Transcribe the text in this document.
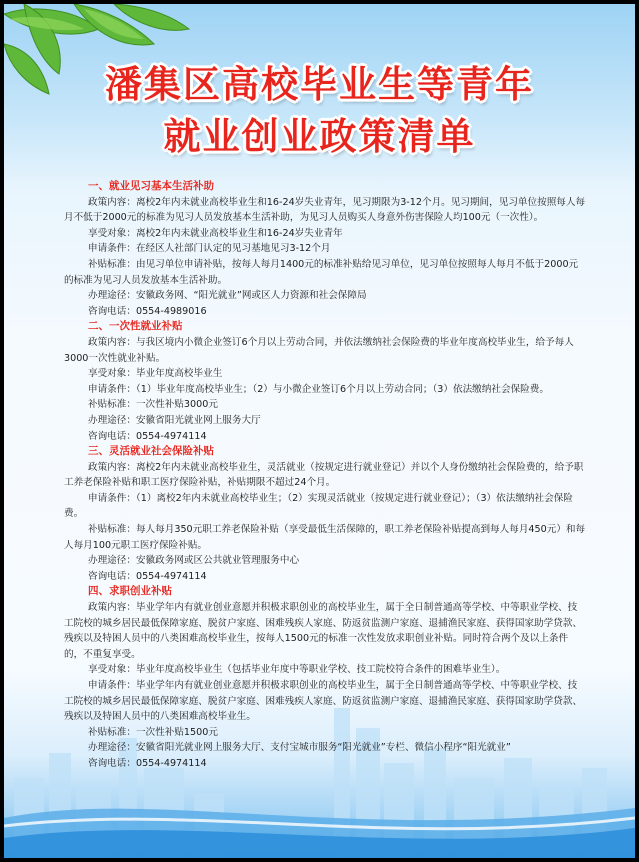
潘集区高校毕业生等青年
就业创业政策清单
一、就业见习基本生活补助
政策内容：离校2年内未就业高校毕业生和16-24岁失业青年，见习期限为3-12个月。见习期间，见习单位按照每人每月不低于2000元的标准为见习人员发放基本生活补助，为见习人员购买人身意外伤害保险人均100元（一次性）。
享受对象：离校2年内未就业高校毕业生和16-24岁失业青年
申请条件：在经区人社部门认定的见习基地见习3-12个月
补贴标准：由见习单位申请补贴，按每人每月1400元的标准补贴给见习单位，见习单位按照每人每月不低于2000元的标准为见习人员发放基本生活补助。
办理途径：安徽政务网、“阳光就业”网或区人力资源和社会保障局
咨询电话：0554-4989016
二、一次性就业补贴
政策内容：与我区境内小微企业签订6个月以上劳动合同，并依法缴纳社会保险费的毕业年度高校毕业生，给予每人3000一次性就业补贴。
享受对象：毕业年度高校毕业生
申请条件：（1）毕业年度高校毕业生；（2）与小微企业签订6个月以上劳动合同；（3）依法缴纳社会保险费。
补贴标准：一次性补贴3000元
办理途径：安徽省阳光就业网上服务大厅
咨询电话：0554-4974114
三、灵活就业社会保险补贴
政策内容：离校2年内未就业高校毕业生，灵活就业（按规定进行就业登记）并以个人身份缴纳社会保险费的，给予职工养老保险补贴和职工医疗保险补贴，补贴期限不超过24个月。
申请条件：（1）离校2年内未就业高校毕业生；（2）实现灵活就业（按规定进行就业登记）；（3）依法缴纳社会保险费。
补贴标准：每人每月350元职工养老保险补贴（享受最低生活保障的，职工养老保险补贴提高到每人每月450元）和每人每月100元职工医疗保险补贴。
办理途径：安徽政务网或区公共就业管理服务中心
咨询电话：0554-4974114
四、求职创业补贴
政策内容：毕业学年内有就业创业意愿并积极求职创业的高校毕业生，属于全日制普通高等学校、中等职业学校、技工院校的城乡居民最低保障家庭、脱贫户家庭、困难残疾人家庭、防返贫监测户家庭、退捕渔民家庭、获得国家助学贷款、残疾以及特困人员中的八类困难高校毕业生，按每人1500元的标准一次性发放求职创业补贴。同时符合两个及以上条件的，不重复享受。
享受对象：毕业年度高校毕业生（包括毕业年度中等职业学校、技工院校符合条件的困难毕业生）。
申请条件：毕业学年内有就业创业意愿并积极求职创业的高校毕业生，属于全日制普通高等学校、中等职业学校、技工院校的城乡居民最低保障家庭、脱贫户家庭、困难残疾人家庭、防返贫监测户家庭、退捕渔民家庭、获得国家助学贷款、残疾以及特困人员中的八类困难高校毕业生。
补贴标准：一次性补贴1500元
办理途径：安徽省阳光就业网上服务大厅、支付宝城市服务“阳光就业”专栏、微信小程序“阳光就业”
咨询电话：0554-4974114
